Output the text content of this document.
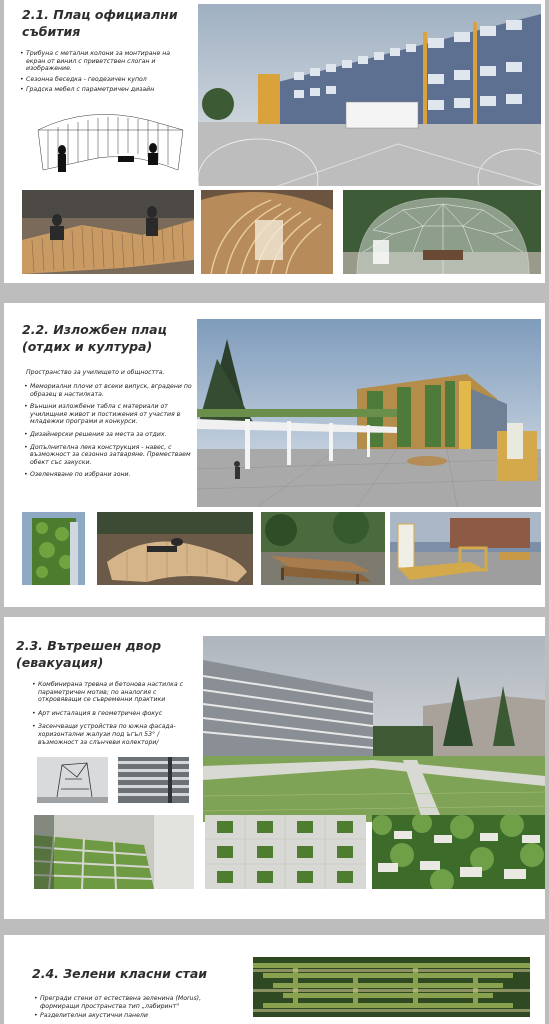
2.1. Плац официални събития
• Трибуна с метални колони за монтиране на екран от винил с приветствен слоган и изображение.
• Сезонна беседка - геодезичен купол
• Градска мебел с параметричен дизайн
2.2. Изложбен плац (отдих и култура)
Пространство за училището и общността.
• Мемориални плочи от всеки випуск, вградени по образец в настилката.
• Външни изложбени табла с материали от училищния живот и постижения от участия в младежки програми и конкурси.
• Дизайнерски решения за места за отдих.
• Допълнителна лека конструкция - навес, с възможност за сезонно затваряне. Преместваем обект със закуски.
• Озеленяване по избрани зони.
2.3. Вътрешен двор (евакуация)
• Комбинирана тревна и бетонова настилка с параметричен мотив; по аналогия с откровяващи се съвременни практики
• Арт инсталация в геометричен фокус
• Засенчващи устройства по южна фасада- хоризонтални жалузи под ъгъл 53° /възможност за слънчеви колектори/
2.4. Зелени класни стаи
• Прегради стени от естествена зеленина (Morus), формиращи пространства тип „лабиринт"
• Разделителни акустични панели
